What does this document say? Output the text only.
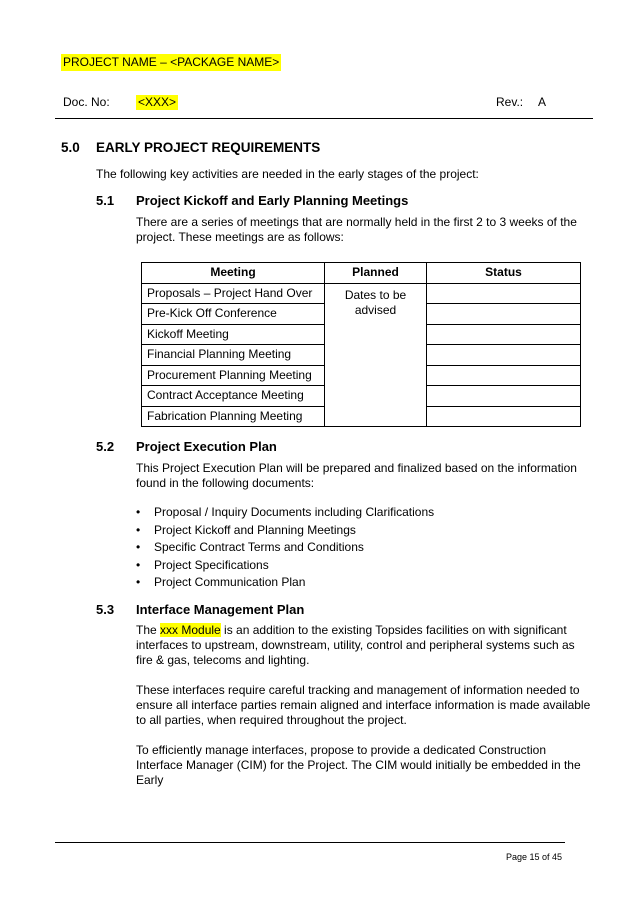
PROJECT NAME – <PACKAGE NAME>
Doc. No: <XXX>	Rev.: A
5.0 EARLY PROJECT REQUIREMENTS
The following key activities are needed in the early stages of the project:
5.1 Project Kickoff and Early Planning Meetings
There are a series of meetings that are normally held in the first 2 to 3 weeks of the project. These meetings are as follows:
Meeting	Planned	Status
Proposals – Project Hand Over	Dates to be advised	
Pre-Kick Off Conference		
Kickoff Meeting		
Financial Planning Meeting		
Procurement Planning Meeting		
Contract Acceptance Meeting		
Fabrication Planning Meeting		
5.2 Project Execution Plan
This Project Execution Plan will be prepared and finalized based on the information found in the following documents:
• Proposal / Inquiry Documents including Clarifications
• Project Kickoff and Planning Meetings
• Specific Contract Terms and Conditions
• Project Specifications
• Project Communication Plan
5.3 Interface Management Plan
The xxx Module is an addition to the existing Topsides facilities on with significant interfaces to upstream, downstream, utility, control and peripheral systems such as fire & gas, telecoms and lighting.
These interfaces require careful tracking and management of information needed to ensure all interface parties remain aligned and interface information is made available to all parties, when required throughout the project.
To efficiently manage interfaces, propose to provide a dedicated Construction Interface Manager (CIM) for the Project. The CIM would initially be embedded in the Early
Page 15 of 45
